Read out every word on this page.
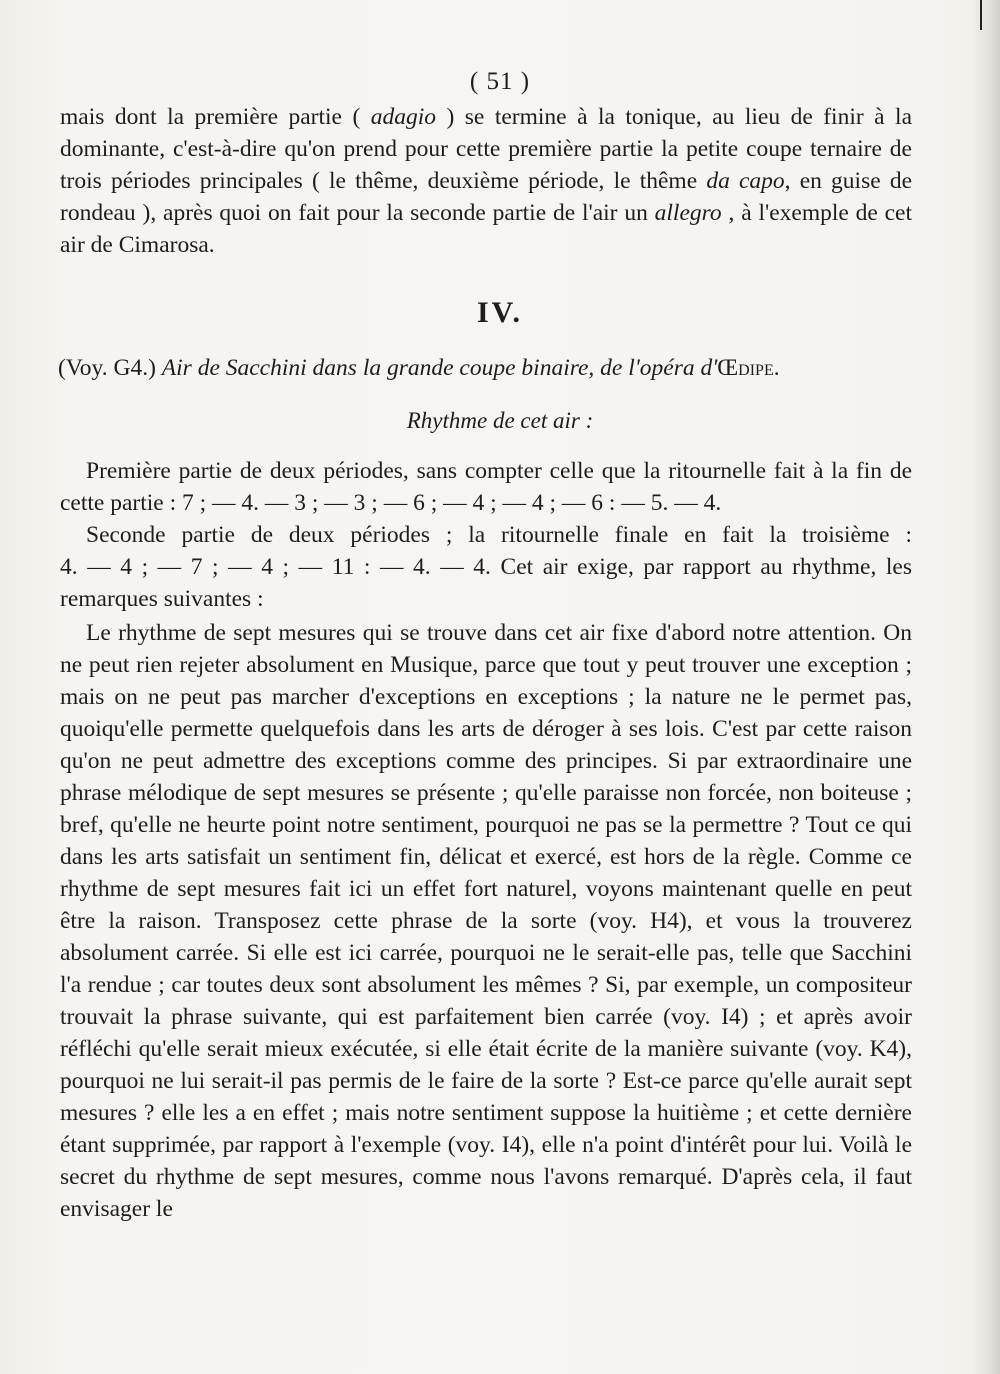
( 51 )

mais dont la première partie ( adagio ) se termine à la tonique, au lieu de finir à la dominante, c'est-à-dire qu'on prend pour cette première partie la petite coupe ternaire de trois périodes principales ( le thême, deuxième période, le thême da capo, en guise de rondeau ), après quoi on fait pour la seconde partie de l'air un allegro , à l'exemple de cet air de Cimarosa.

IV.
(Voy. G4.) Air de Sacchini dans la grande coupe binaire, de l'opéra d'Œdipe.
Rhythme de cet air :

Première partie de deux périodes, sans compter celle que la ritournelle fait à la fin de cette partie : 7 ; — 4. — 3 ; — 3 ; — 6 ; — 4 ; — 4 ; — 6 : — 5. — 4.

Seconde partie de deux périodes ; la ritournelle finale en fait la troisième : 4. — 4 ; — 7 ; — 4 ; — 11 : — 4. — 4. Cet air exige, par rapport au rhythme, les remarques suivantes :

Le rhythme de sept mesures qui se trouve dans cet air fixe d'abord notre attention. On ne peut rien rejeter absolument en Musique, parce que tout y peut trouver une exception ; mais on ne peut pas marcher d'exceptions en exceptions ; la nature ne le permet pas, quoiqu'elle permette quelquefois dans les arts de déroger à ses lois. C'est par cette raison qu'on ne peut admettre des exceptions comme des principes. Si par extraordinaire une phrase mélodique de sept mesures se présente ; qu'elle paraisse non forcée, non boiteuse ; bref, qu'elle ne heurte point notre sentiment, pourquoi ne pas se la permettre ? Tout ce qui dans les arts satisfait un sentiment fin, délicat et exercé, est hors de la règle. Comme ce rhythme de sept mesures fait ici un effet fort naturel, voyons maintenant quelle en peut être la raison. Transposez cette phrase de la sorte (voy. H4), et vous la trouverez absolument carrée. Si elle est ici carrée, pourquoi ne le serait-elle pas, telle que Sacchini l'a rendue ; car toutes deux sont absolument les mêmes ? Si, par exemple, un compositeur trouvait la phrase suivante, qui est parfaitement bien carrée (voy. I4) ; et après avoir réfléchi qu'elle serait mieux exécutée, si elle était écrite de la manière suivante (voy. K4), pourquoi ne lui serait-il pas permis de le faire de la sorte ? Est-ce parce qu'elle aurait sept mesures ? elle les a en effet ; mais notre sentiment suppose la huitième ; et cette dernière étant supprimée, par rapport à l'exemple (voy. I4), elle n'a point d'intérêt pour lui. Voilà le secret du rhythme de sept mesures, comme nous l'avons remarqué. D'après cela, il faut envisager le
